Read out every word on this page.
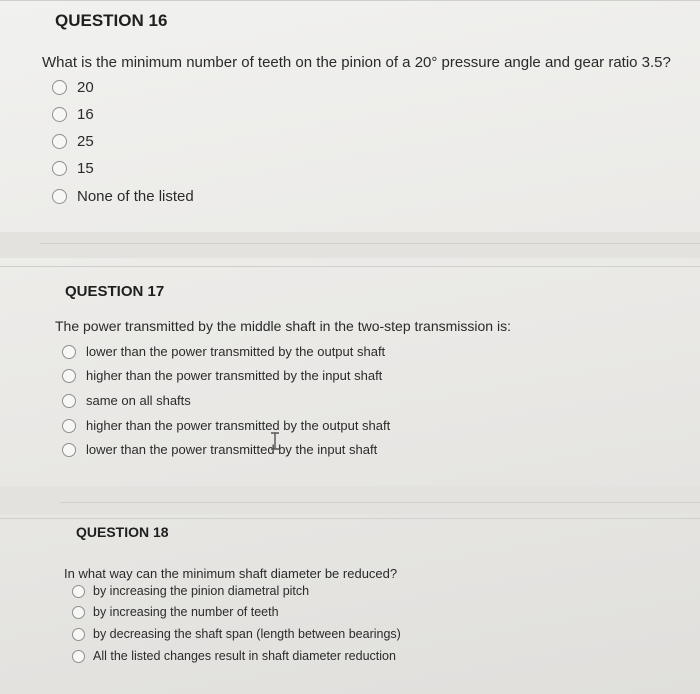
QUESTION 16
What is the minimum number of teeth on the pinion of a 20° pressure angle and gear ratio 3.5?
20
16
25
15
None of the listed
QUESTION 17
The power transmitted by the middle shaft in the two-step transmission is:
lower than the power transmitted by the output shaft
higher than the power transmitted by the input shaft
same on all shafts
higher than the power transmitted by the output shaft
lower than the power transmitted by the input shaft
QUESTION 18
In what way can the minimum shaft diameter be reduced?
by increasing the pinion diametral pitch
by increasing the number of teeth
by decreasing the shaft span (length between bearings)
All the listed changes result in shaft diameter reduction
